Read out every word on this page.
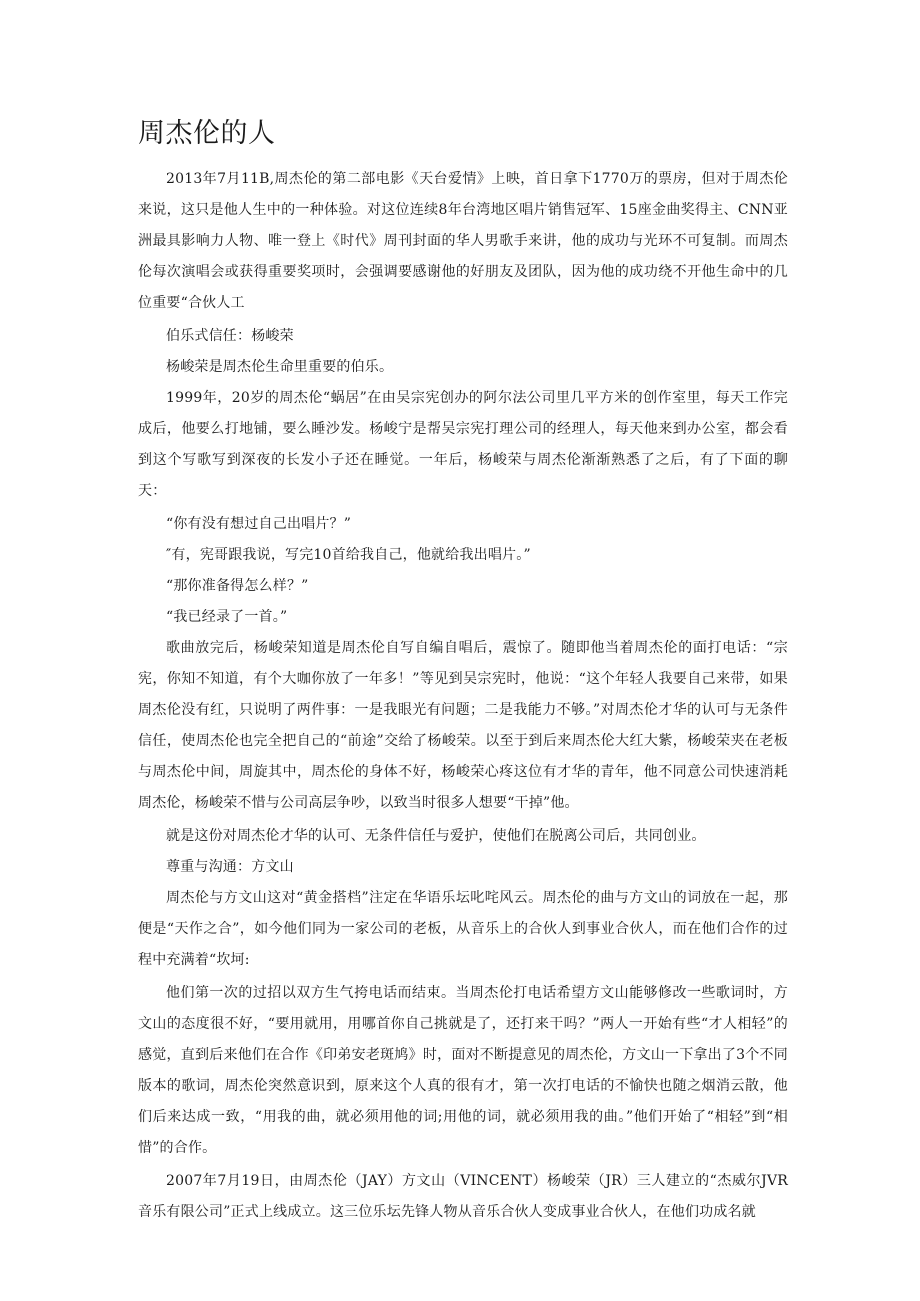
周杰伦的人

2013年7月11B,周杰伦的第二部电影《天台爱情》上映，首日拿下1770万的票房，但对于周杰伦来说，这只是他人生中的一种体验。对这位连续8年台湾地区唱片销售冠军、15座金曲奖得主、CNN亚洲最具影响力人物、唯一登上《时代》周刊封面的华人男歌手来讲，他的成功与光环不可复制。而周杰伦每次演唱会或获得重要奖项时，会强调要感谢他的好朋友及团队，因为他的成功绕不开他生命中的几位重要“合伙人工

伯乐式信任：杨峻荣

杨峻荣是周杰伦生命里重要的伯乐。

1999年，20岁的周杰伦“蜗居”在由吴宗宪创办的阿尔法公司里几平方米的创作室里，每天工作完成后，他要么打地铺，要么睡沙发。杨峻宁是帮吴宗宪打理公司的经理人，每天他来到办公室，都会看到这个写歌写到深夜的长发小子还在睡觉。一年后，杨峻荣与周杰伦渐渐熟悉了之后，有了下面的聊天：

“你有没有想过自己出唱片？”

″有，宪哥跟我说，写完10首给我自己，他就给我出唱片。”

“那你准备得怎么样？”

“我已经录了一首。”

歌曲放完后，杨峻荣知道是周杰伦自写自编自唱后，震惊了。随即他当着周杰伦的面打电话：“宗宪，你知不知道，有个大咖你放了一年多！”等见到吴宗宪时，他说：“这个年轻人我要自己来带，如果周杰伦没有红，只说明了两件事：一是我眼光有问题；二是我能力不够。”对周杰伦才华的认可与无条件信任，使周杰伦也完全把自己的“前途”交给了杨峻荣。以至于到后来周杰伦大红大紫，杨峻荣夹在老板与周杰伦中间，周旋其中，周杰伦的身体不好，杨峻荣心疼这位有才华的青年，他不同意公司快速消耗周杰伦，杨峻荣不惜与公司高层争吵，以致当时很多人想要“干掉”他。

就是这份对周杰伦才华的认可、无条件信任与爱护，使他们在脱离公司后，共同创业。

尊重与沟通：方文山

周杰伦与方文山这对“黄金搭档”注定在华语乐坛叱咤风云。周杰伦的曲与方文山的词放在一起，那便是“天作之合”，如今他们同为一家公司的老板，从音乐上的合伙人到事业合伙人，而在他们合作的过程中充满着“坎坷:

他们第一次的过招以双方生气挎电话而结束。当周杰伦打电话希望方文山能够修改一些歌词时，方文山的态度很不好，“要用就用，用哪首你自己挑就是了，还打来干吗？”两人一开始有些“才人相轻”的感觉，直到后来他们在合作《印弟安老斑鸠》时，面对不断提意见的周杰伦，方文山一下拿出了3个不同版本的歌词，周杰伦突然意识到，原来这个人真的很有才，第一次打电话的不愉快也随之烟消云散，他们后来达成一致，“用我的曲，就必须用他的词;用他的词，就必须用我的曲。”他们开始了“相轻”到“相惜”的合作。

2007年7月19日，由周杰伦（JAY）方文山（VINCENT）杨峻荣（JR）三人建立的“杰威尔JVR音乐有限公司”正式上线成立。这三位乐坛先锋人物从音乐合伙人变成事业合伙人，在他们功成名就
